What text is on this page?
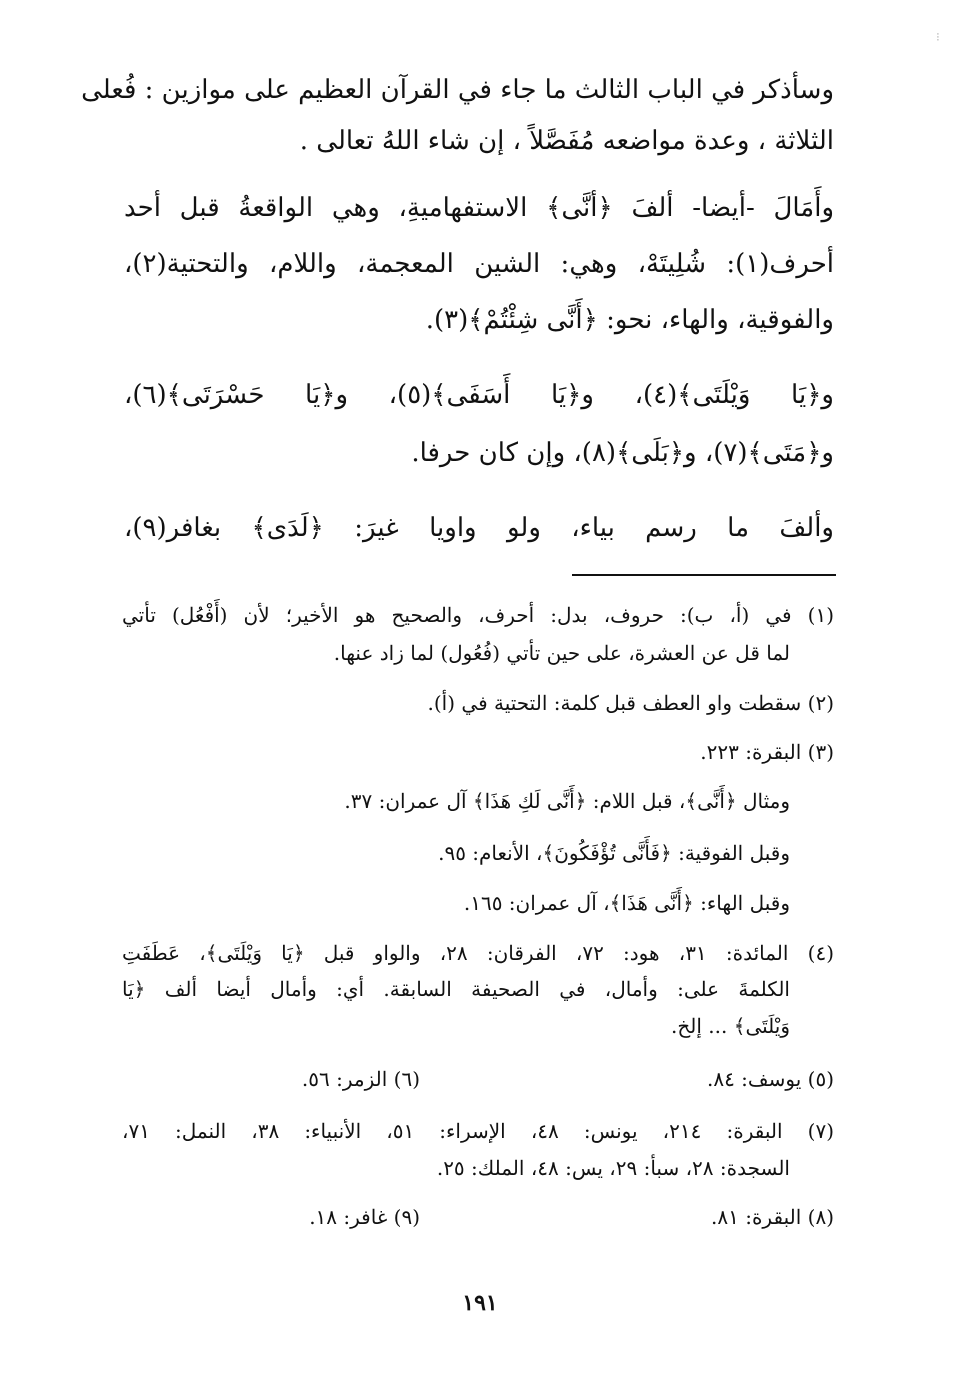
⁝
وسأذكر في الباب الثالث ما جاء في القرآن العظيم على موازين : فُعلى
الثلاثة ، وعدة مواضعه مُفَصَّلاً ، إن شاء اللهُ تعالى .
وأَمَالَ -أيضا- ألفَ ﴿أنَّى﴾ الاستفهاميةِ، وهي الواقعةُ قبل أحد
أحرف(١): شُلِيتَهْ، وهي: الشين المعجمة، واللام، والتحتية(٢)،
والفوقية، والهاء، نحو: ﴿أَنَّى شِئْتُمْ﴾(٣).
و﴿يَا وَيْلَتَى﴾(٤)، و﴿يَا أَسَفَى﴾(٥)، و﴿يَا حَسْرَتَى﴾(٦)،
و﴿مَتَى﴾(٧)، و﴿بَلَى﴾(٨)، وإن كان حرفا.
وألفَ ما رسم بياء، ولو واويا غيرَ: ﴿لَدَى﴾ بغافر(٩)،
(١) في (أ، ب): حروف، بدل: أحرف، والصحيح هو الأخير؛ لأن (أَفْعُل) تأتي
لما قل عن العشرة، على حين تأتي (فُعُول) لما زاد عنها.
(٢) سقطت واو العطف قبل كلمة: التحتية في (أ).
(٣) البقرة: ٢٢٣.
ومثال ﴿أَنَّى﴾، قبل اللام: ﴿أَنَّى لَكِ هَذَا﴾ آل عمران: ٣٧.
وقبل الفوقية: ﴿فَأَنَّى تُؤْفَكُونَ﴾، الأنعام: ٩٥.
وقبل الهاء: ﴿أَنَّى هَذَا﴾، آل عمران: ١٦٥.
(٤) المائدة: ٣١، هود: ٧٢، الفرقان: ٢٨، والواو قبل ﴿يَا وَيْلَتَى﴾، عَطَفَتِ
الكلمةَ على: وأمال، في الصحيفة السابقة. أي: وأمال أيضا ألف ﴿يَا
وَيْلَتَى﴾ ... إلخ.
(٥) يوسف: ٨٤.
(٦) الزمر: ٥٦.
(٧) البقرة: ٢١٤، يونس: ٤٨، الإسراء: ٥١، الأنبياء: ٣٨، النمل: ٧١،
السجدة: ٢٨، سبأ: ٢٩، يس: ٤٨، الملك: ٢٥.
(٨) البقرة: ٨١.
(٩) غافر: ١٨.
١٩١
